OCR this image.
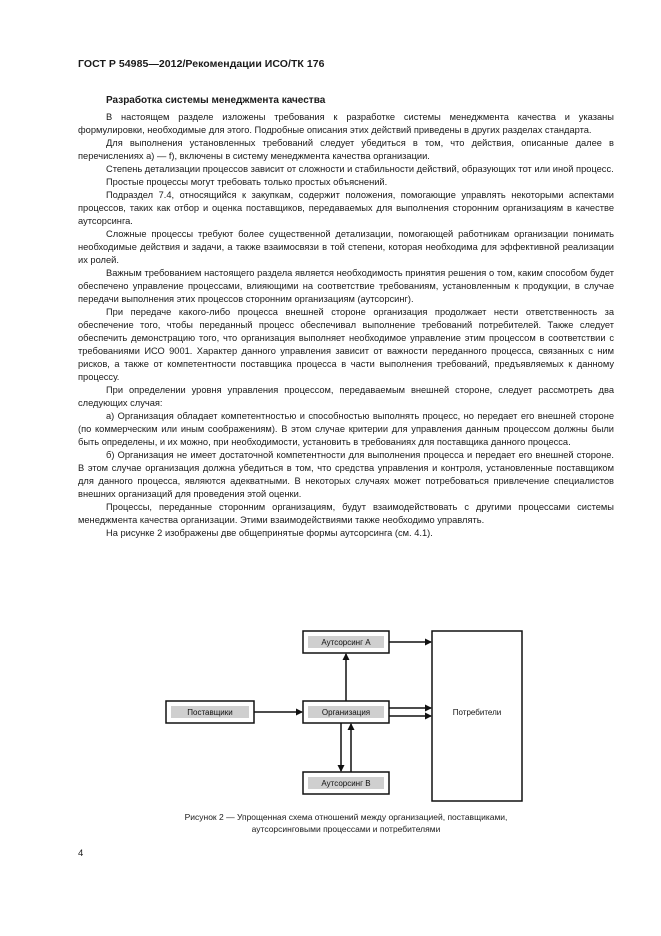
ГОСТ Р 54985—2012/Рекомендации ИСО/ТК 176
Разработка системы менеджмента качества

В настоящем разделе изложены требования к разработке системы менеджмента качества и указаны формулировки, необходимые для этого. Подробные описания этих действий приведены в других разделах стандарта.

Для выполнения установленных требований следует убедиться в том, что действия, описанные далее в перечислениях а) — f), включены в систему менеджмента качества организации.

Степень детализации процессов зависит от сложности и стабильности действий, образующих тот или иной процесс.

Простые процессы могут требовать только простых объяснений.

Подраздел 7.4, относящийся к закупкам, содержит положения, помогающие управлять некоторыми аспектами процессов, таких как отбор и оценка поставщиков, передаваемых для выполнения сторонним организациям в качестве аутсорсинга.

Сложные процессы требуют более существенной детализации, помогающей работникам организации понимать необходимые действия и задачи, а также взаимосвязи в той степени, которая необходима для эффективной реализации их ролей.

Важным требованием настоящего раздела является необходимость принятия решения о том, каким способом будет обеспечено управление процессами, влияющими на соответствие требованиям, установленным к продукции, в случае передачи выполнения этих процессов сторонним организациям (аутсорсинг).

При передаче какого-либо процесса внешней стороне организация продолжает нести ответственность за обеспечение того, чтобы переданный процесс обеспечивал выполнение требований потребителей. Также следует обеспечить демонстрацию того, что организация выполняет необходимое управление этим процессом в соответствии с требованиями ИСО 9001. Характер данного управления зависит от важности переданного процесса, связанных с ним рисков, а также от компетентности поставщика процесса в части выполнения требований, предъявляемых к данному процессу.

При определении уровня управления процессом, передаваемым внешней стороне, следует рассмотреть два следующих случая:

а) Организация обладает компетентностью и способностью выполнять процесс, но передает его внешней стороне (по коммерческим или иным соображениям). В этом случае критерии для управления данным процессом должны были быть определены, и их можно, при необходимости, установить в требованиях для поставщика данного процесса.

б) Организация не имеет достаточной компетентности для выполнения процесса и передает его внешней стороне. В этом случае организация должна убедиться в том, что средства управления и контроля, установленные поставщиком для данного процесса, являются адекватными. В некоторых случаях может потребоваться привлечение специалистов внешних организаций для проведения этой оценки.

Процессы, переданные сторонним организациям, будут взаимодействовать с другими процессами системы менеджмента качества организации. Этими взаимодействиями также необходимо управлять.

На рисунке 2 изображены две общепринятые формы аутсорсинга (см. 4.1).

Аутсорсинг А
Поставщики	Организация	Потребители
Аутсорсинг В
Рисунок 2 — Упрощенная схема отношений между организацией, поставщиками,
аутсорсинговыми процессами и потребителями
4
